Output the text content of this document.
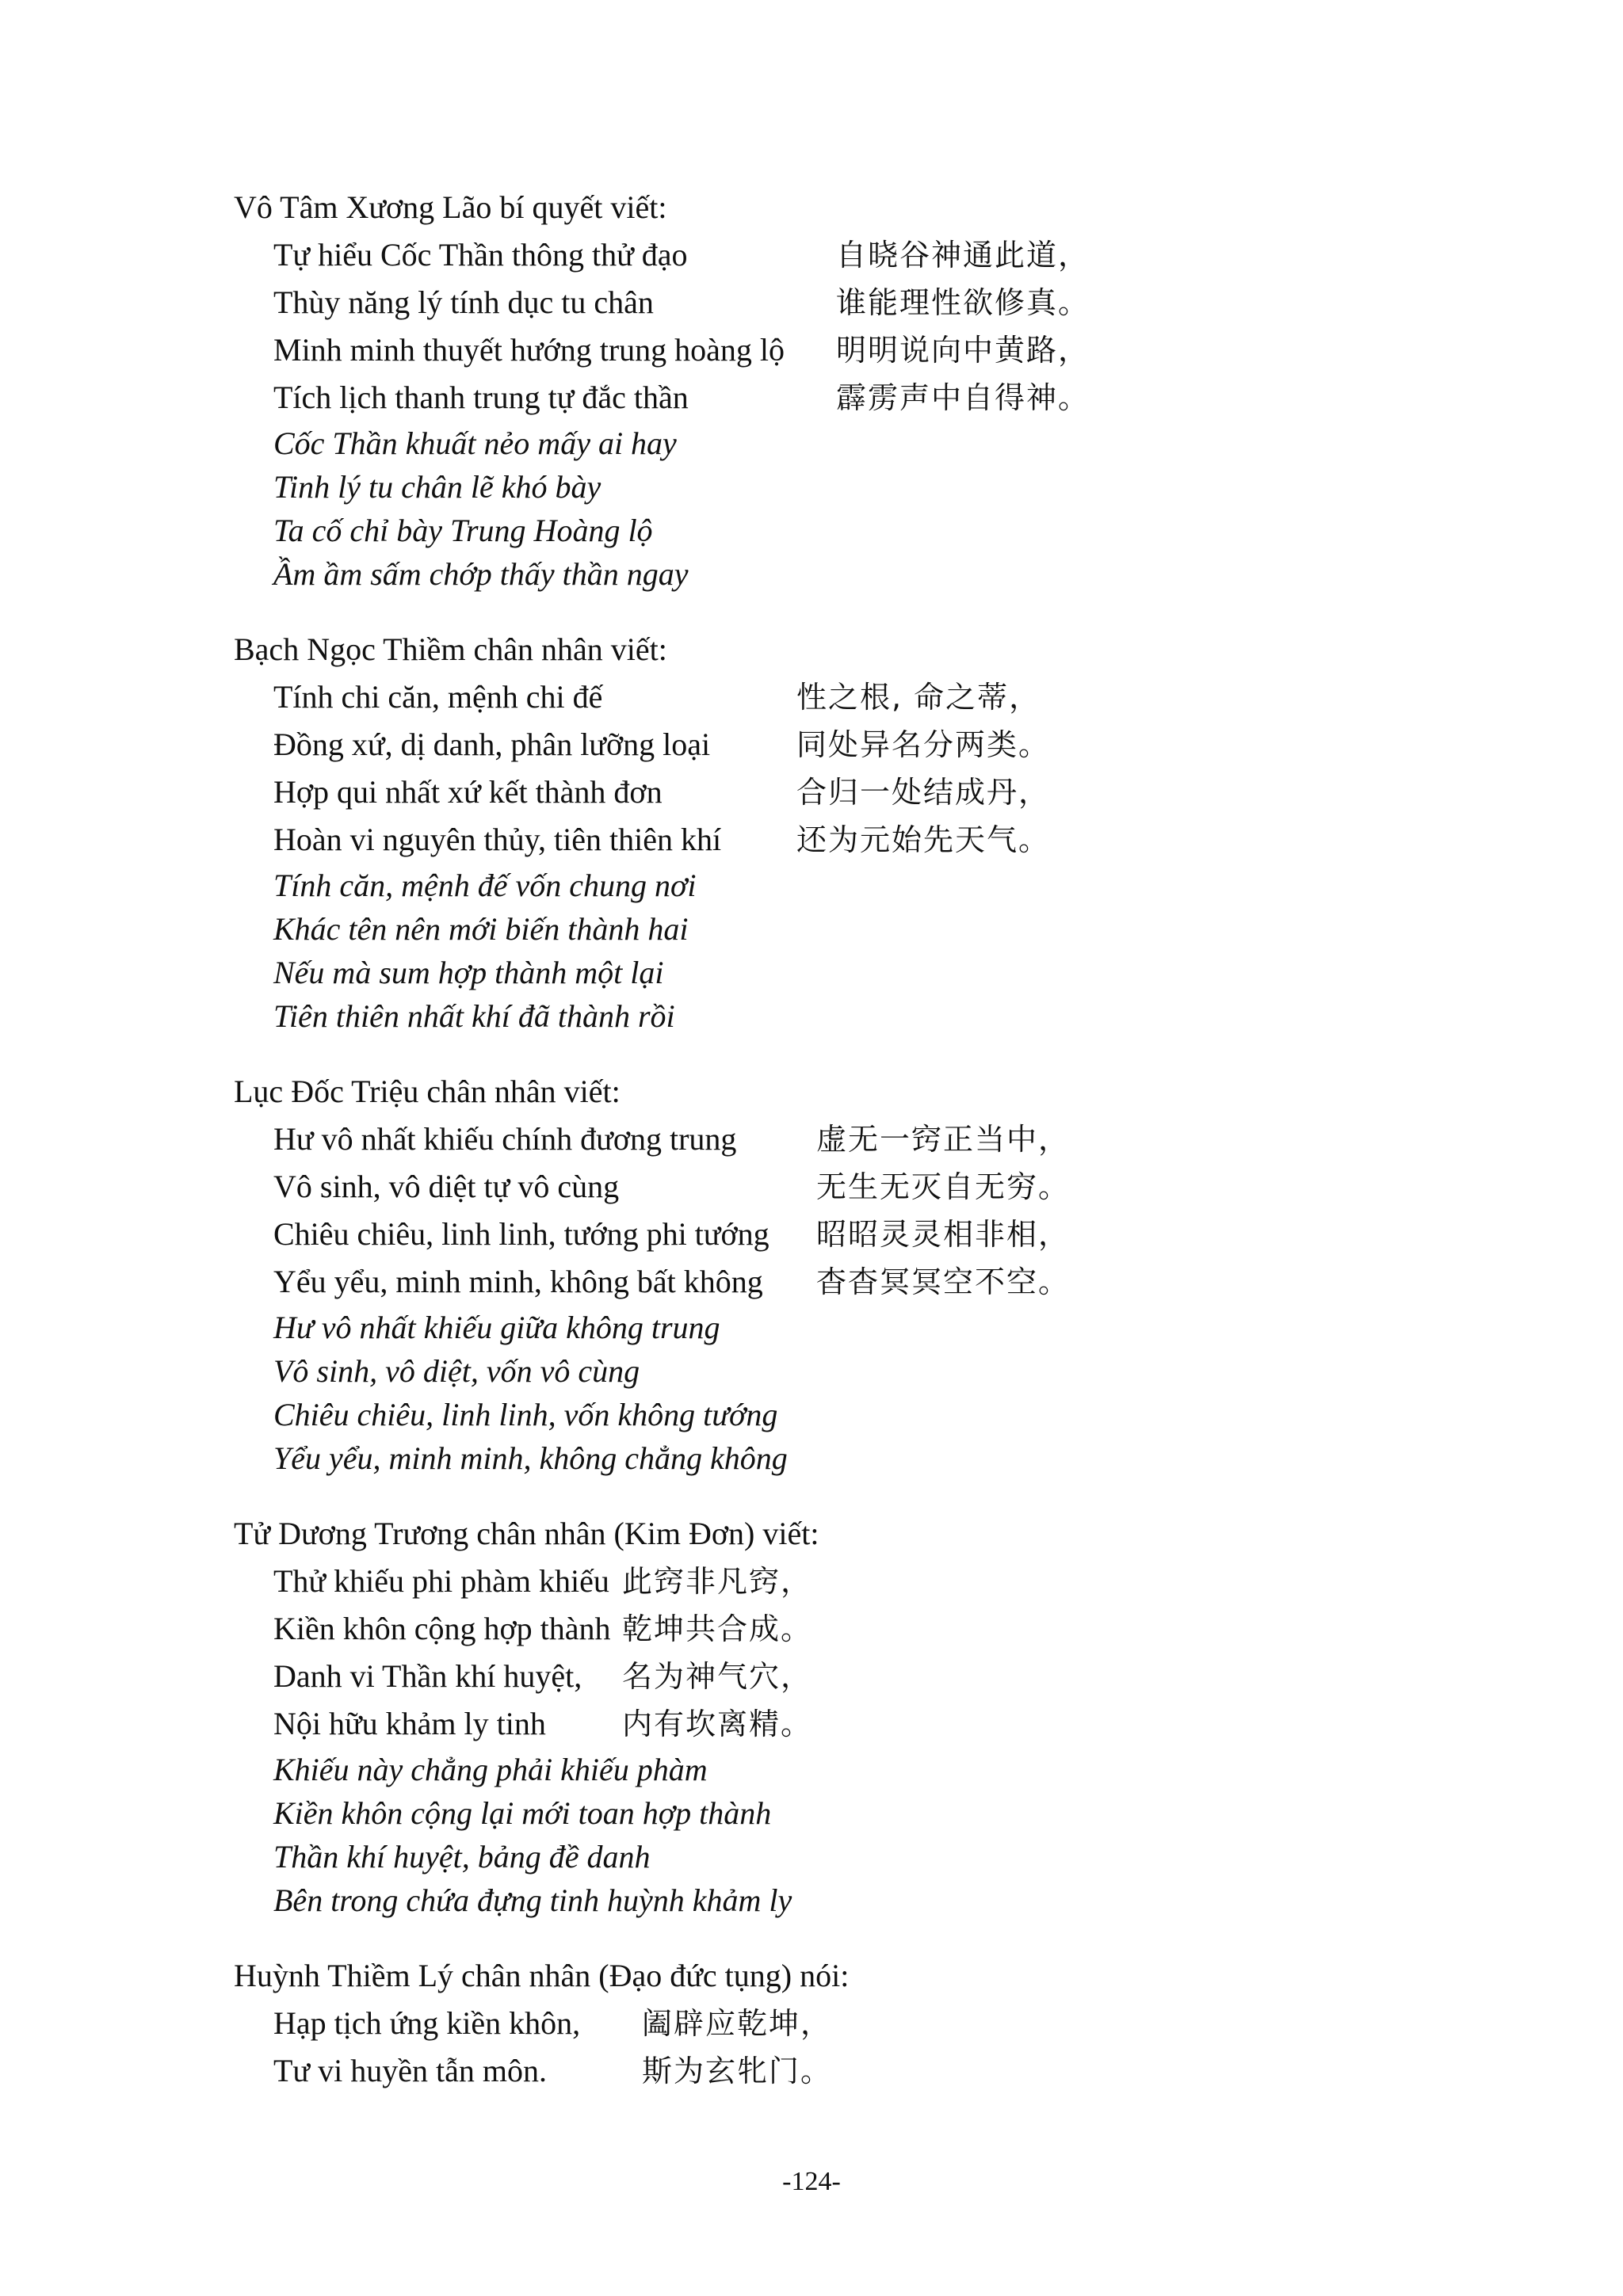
Vô Tâm Xương Lão bí quyết viết:
Tự hiểu Cốc Thần thông thử đạo	自晓谷神通此道，
Thùy năng lý tính dục tu chân	谁能理性欲修真。
Minh minh thuyết hướng trung hoàng lộ	明明说向中黄路，
Tích lịch thanh trung tự đắc thần	霹雳声中自得神。
Cốc Thần khuất nẻo mấy ai hay
Tinh lý tu chân lẽ khó bày
Ta cố chỉ bày Trung Hoàng lộ
Ầm ầm sấm chớp thấy thần ngay
Bạch Ngọc Thiềm chân nhân viết:
Tính chi căn, mệnh chi đế	性之根, 命之蒂，
Đồng xứ, dị danh, phân lưỡng loại	同处异名分两类。
Hợp qui nhất xứ kết thành đơn	合归一处结成丹，
Hoàn vi nguyên thủy, tiên thiên khí	还为元始先天气。
Tính căn, mệnh đế vốn chung nơi
Khác tên nên mới biến thành hai
Nếu mà sum hợp thành một lại
Tiên thiên nhất khí đã thành rồi
Lục Đốc Triệu chân nhân viết:
Hư vô nhất khiếu chính đương trung	虚无一窍正当中，
Vô sinh, vô diệt tự vô cùng	无生无灭自无穷。
Chiêu chiêu, linh linh, tướng phi tướng	昭昭灵灵相非相，
Yểu yểu, minh minh, không bất không	杳杳冥冥空不空。
Hư vô nhất khiếu giữa không trung
Vô sinh, vô diệt, vốn vô cùng
Chiêu chiêu, linh linh, vốn không tướng
Yểu yểu, minh minh, không chẳng không
Tử Dương Trương chân nhân (Kim Đơn) viết:
Thử khiếu phi phàm khiếu 此窍非凡窍，
Kiền khôn cộng hợp thành 乾坤共合成。
Danh vi Thần khí huyệt,	名为神气穴，
Nội hữu khảm ly tinh	内有坎离精。
Khiếu này chẳng phải khiếu phàm
Kiền khôn cộng lại mới toan hợp thành
Thần khí huyệt, bảng đề danh
Bên trong chứa đựng tinh huỳnh khảm ly
Huỳnh Thiềm Lý chân nhân (Đạo đức tụng) nói:
Hạp tịch ứng kiền khôn,	阖辟应乾坤，
Tư vi huyền tẫn môn.	斯为玄牝门。
-124-
